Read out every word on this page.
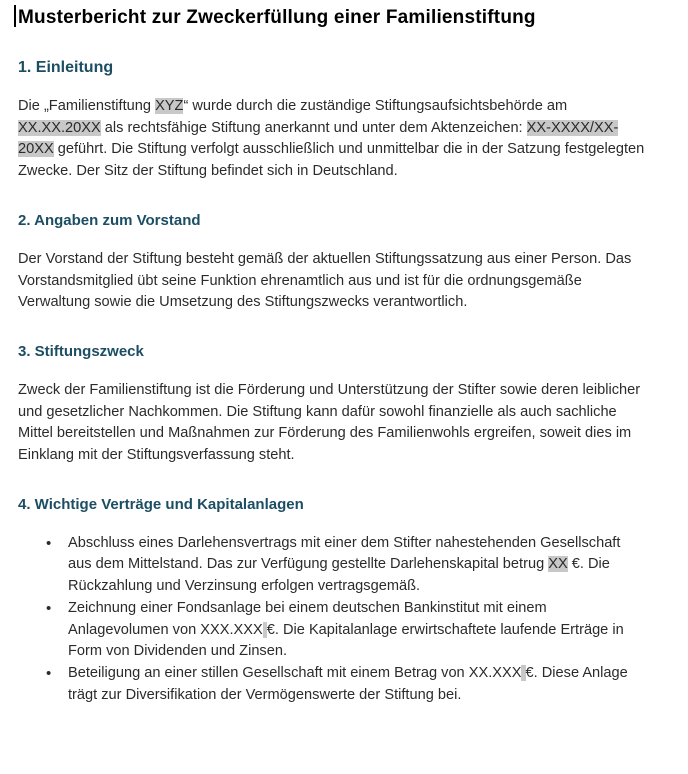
Musterbericht zur Zweckerfüllung einer Familienstiftung
1. Einleitung

Die „Familienstiftung XYZ“ wurde durch die zuständige Stiftungsaufsichtsbehörde am XX.XX.20XX als rechtsfähige Stiftung anerkannt und unter dem Aktenzeichen: XX-XXXX/XX-20XX geführt. Die Stiftung verfolgt ausschließlich und unmittelbar die in der Satzung festgelegten Zwecke. Der Sitz der Stiftung befindet sich in Deutschland.

2. Angaben zum Vorstand

Der Vorstand der Stiftung besteht gemäß der aktuellen Stiftungssatzung aus einer Person. Das Vorstandsmitglied übt seine Funktion ehrenamtlich aus und ist für die ordnungsgemäße Verwaltung sowie die Umsetzung des Stiftungszwecks verantwortlich.

3. Stiftungszweck

Zweck der Familienstiftung ist die Förderung und Unterstützung der Stifter sowie deren leiblicher und gesetzlicher Nachkommen. Die Stiftung kann dafür sowohl finanzielle als auch sachliche Mittel bereitstellen und Maßnahmen zur Förderung des Familienwohls ergreifen, soweit dies im Einklang mit der Stiftungsverfassung steht.

4. Wichtige Verträge und Kapitalanlagen
• Abschluss eines Darlehensvertrags mit einer dem Stifter nahestehenden Gesellschaft aus dem Mittelstand. Das zur Verfügung gestellte Darlehenskapital betrug XX €. Die Rückzahlung und Verzinsung erfolgen vertragsgemäß.
• Zeichnung einer Fondsanlage bei einem deutschen Bankinstitut mit einem Anlagevolumen von XXX.XXX €. Die Kapitalanlage erwirtschaftete laufende Erträge in Form von Dividenden und Zinsen.
• Beteiligung an einer stillen Gesellschaft mit einem Betrag von XX.XXX €. Diese Anlage trägt zur Diversifikation der Vermögenswerte der Stiftung bei.
